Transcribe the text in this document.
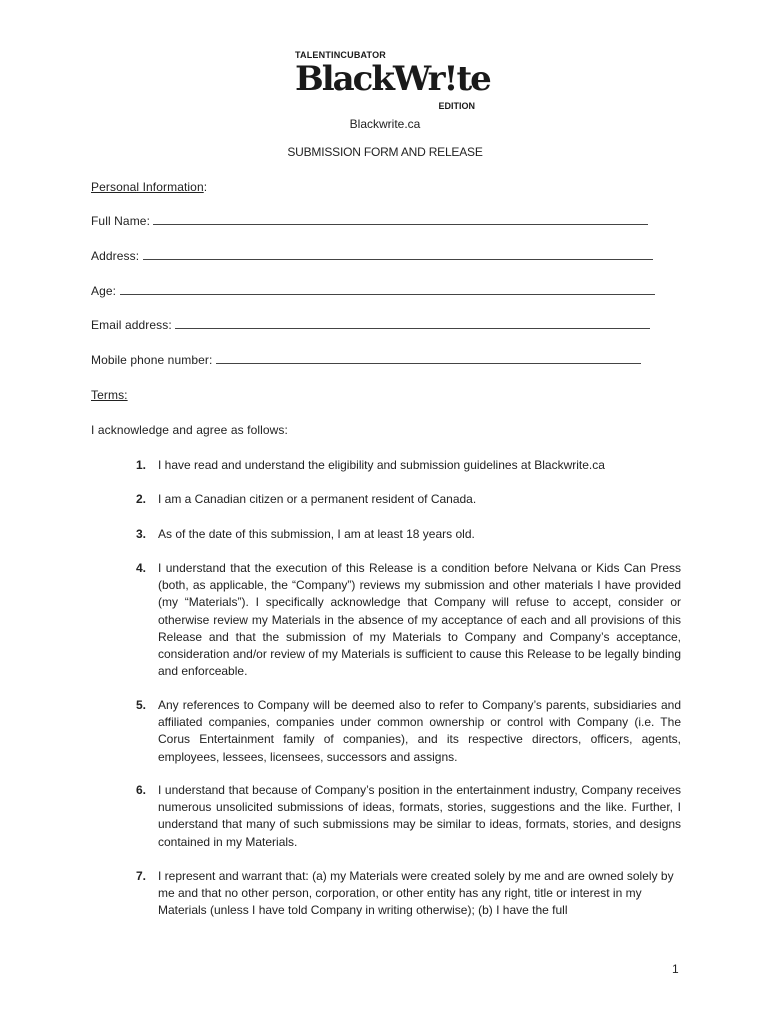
TALENTINCUBATOR
BlackWr!te
EDITION
Blackwrite.ca
SUBMISSION FORM AND RELEASE
Personal Information:
Full Name:
Address:
Age:
Email address:
Mobile phone number:
Terms:
I acknowledge and agree as follows:
1. I have read and understand the eligibility and submission guidelines at Blackwrite.ca
2. I am a Canadian citizen or a permanent resident of Canada.
3. As of the date of this submission, I am at least 18 years old.
4. I understand that the execution of this Release is a condition before Nelvana or Kids Can Press (both, as applicable, the “Company”) reviews my submission and other materials I have provided (my “Materials”). I specifically acknowledge that Company will refuse to accept, consider or otherwise review my Materials in the absence of my acceptance of each and all provisions of this Release and that the submission of my Materials to Company and Company’s acceptance, consideration and/or review of my Materials is sufficient to cause this Release to be legally binding and enforceable.
5. Any references to Company will be deemed also to refer to Company’s parents, subsidiaries and affiliated companies, companies under common ownership or control with Company (i.e. The Corus Entertainment family of companies), and its respective directors, officers, agents, employees, lessees, licensees, successors and assigns.
6. I understand that because of Company’s position in the entertainment industry, Company receives numerous unsolicited submissions of ideas, formats, stories, suggestions and the like. Further, I understand that many of such submissions may be similar to ideas, formats, stories, and designs contained in my Materials.
7. I represent and warrant that: (a) my Materials were created solely by me and are owned solely by me and that no other person, corporation, or other entity has any right, title or interest in my Materials (unless I have told Company in writing otherwise); (b) I have the full
1
